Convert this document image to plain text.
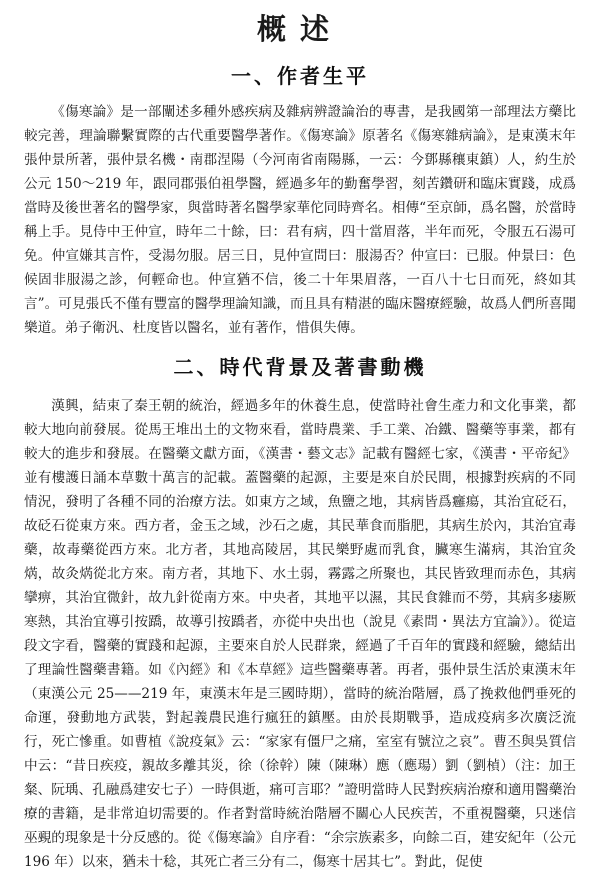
概述
一、作者生平

《傷寒論》是一部闡述多種外感疾病及雜病辨證論治的專書，是我國第一部理法方藥比較完善，理論聯繫實際的古代重要醫學著作。《傷寒論》原著名《傷寒雜病論》，是東漢末年張仲景所著，張仲景名機・南郡涅陽（今河南省南陽縣，一云：今鄧縣穰東鎮）人，約生於公元 150～219 年，跟同郡張伯祖學醫，經過多年的勤奮學習，刻苦鑽研和臨床實踐，成爲當時及後世著名的醫學家，與當時著名醫學家華佗同時齊名。相傳“至京師，爲名醫，於當時稱上手。見侍中王仲宣，時年二十餘，曰：君有病，四十當眉落，半年而死，令服五石湯可免。仲宣嫌其言忤，受湯勿服。居三日，見仲宣問曰：服湯否？仲宣曰：已服。仲景曰：色候固非服湯之診，何輕命也。仲宣猶不信，後二十年果眉落，一百八十七日而死，終如其言”。可見張氏不僅有豐富的醫學理論知識，而且具有精湛的臨床醫療經驗，故爲人們所喜聞樂道。弟子衛汎、杜度皆以醫名，並有著作，惜俱失傳。

二、時代背景及著書動機

漢興，結束了秦王朝的統治，經過多年的休養生息，使當時社會生產力和文化事業，都較大地向前發展。從馬王堆出土的文物來看，當時農業、手工業、冶鐵、醫藥等事業，都有較大的進步和發展。在醫藥文獻方面，《漢書・藝文志》記載有醫經七家，《漢書・平帝紀》並有樓護日誦本草數十萬言的記載。蓋醫藥的起源，主要是來自於民間，根據對疾病的不同情況，發明了各種不同的治療方法。如東方之域，魚鹽之地，其病皆爲癰瘍，其治宜砭石，故砭石從東方來。西方者，金玉之域，沙石之處，其民華食而脂肥，其病生於內，其治宜毒藥，故毒藥從西方來。北方者，其地高陵居，其民樂野處而乳食，臟寒生滿病，其治宜灸焫，故灸焫從北方來。南方者，其地下、水土弱，霧露之所聚也，其民皆致理而赤色，其病攣痹，其治宜微針，故九針從南方來。中央者，其地平以濕，其民食雜而不勞，其病多痿厥寒熱，其治宜導引按蹻，故導引按蹻者，亦從中央出也（說見《素問・異法方宜論》）。從這段文字看，醫藥的實踐和起源，主要來自於人民群衆，經過了千百年的實踐和經驗，總結出了理論性醫藥書籍。如《內經》和《本草經》這些醫藥專著。再者，張仲景生活於東漢末年（東漢公元 25——219 年，東漢末年是三國時期），當時的統治階層，爲了挽救他們垂死的命運，發動地方武裝，對起義農民進行瘋狂的鎮壓。由於長期戰爭，造成疫病多次廣泛流行，死亡慘重。如曹植《說疫氣》云：“家家有僵尸之痛，室室有號泣之哀”。曹丕與吳質信中云：“昔日疾疫，親故多離其災，徐（徐幹）陳（陳琳）應（應瑒）劉（劉楨）（注：加王粲、阮瑀、孔融爲建安七子）一時俱逝，痛可言耶？”證明當時人民對疾病治療和適用醫藥治療的書籍，是非常迫切需要的。作者對當時統治階層不關心人民疾苦，不重視醫藥，只迷信巫覡的現象是十分反感的。從《傷寒論》自序看：“余宗族素多，向餘二百，建安紀年（公元 196 年）以來，猶未十稔，其死亡者三分有二，傷寒十居其七”。對此，促使
